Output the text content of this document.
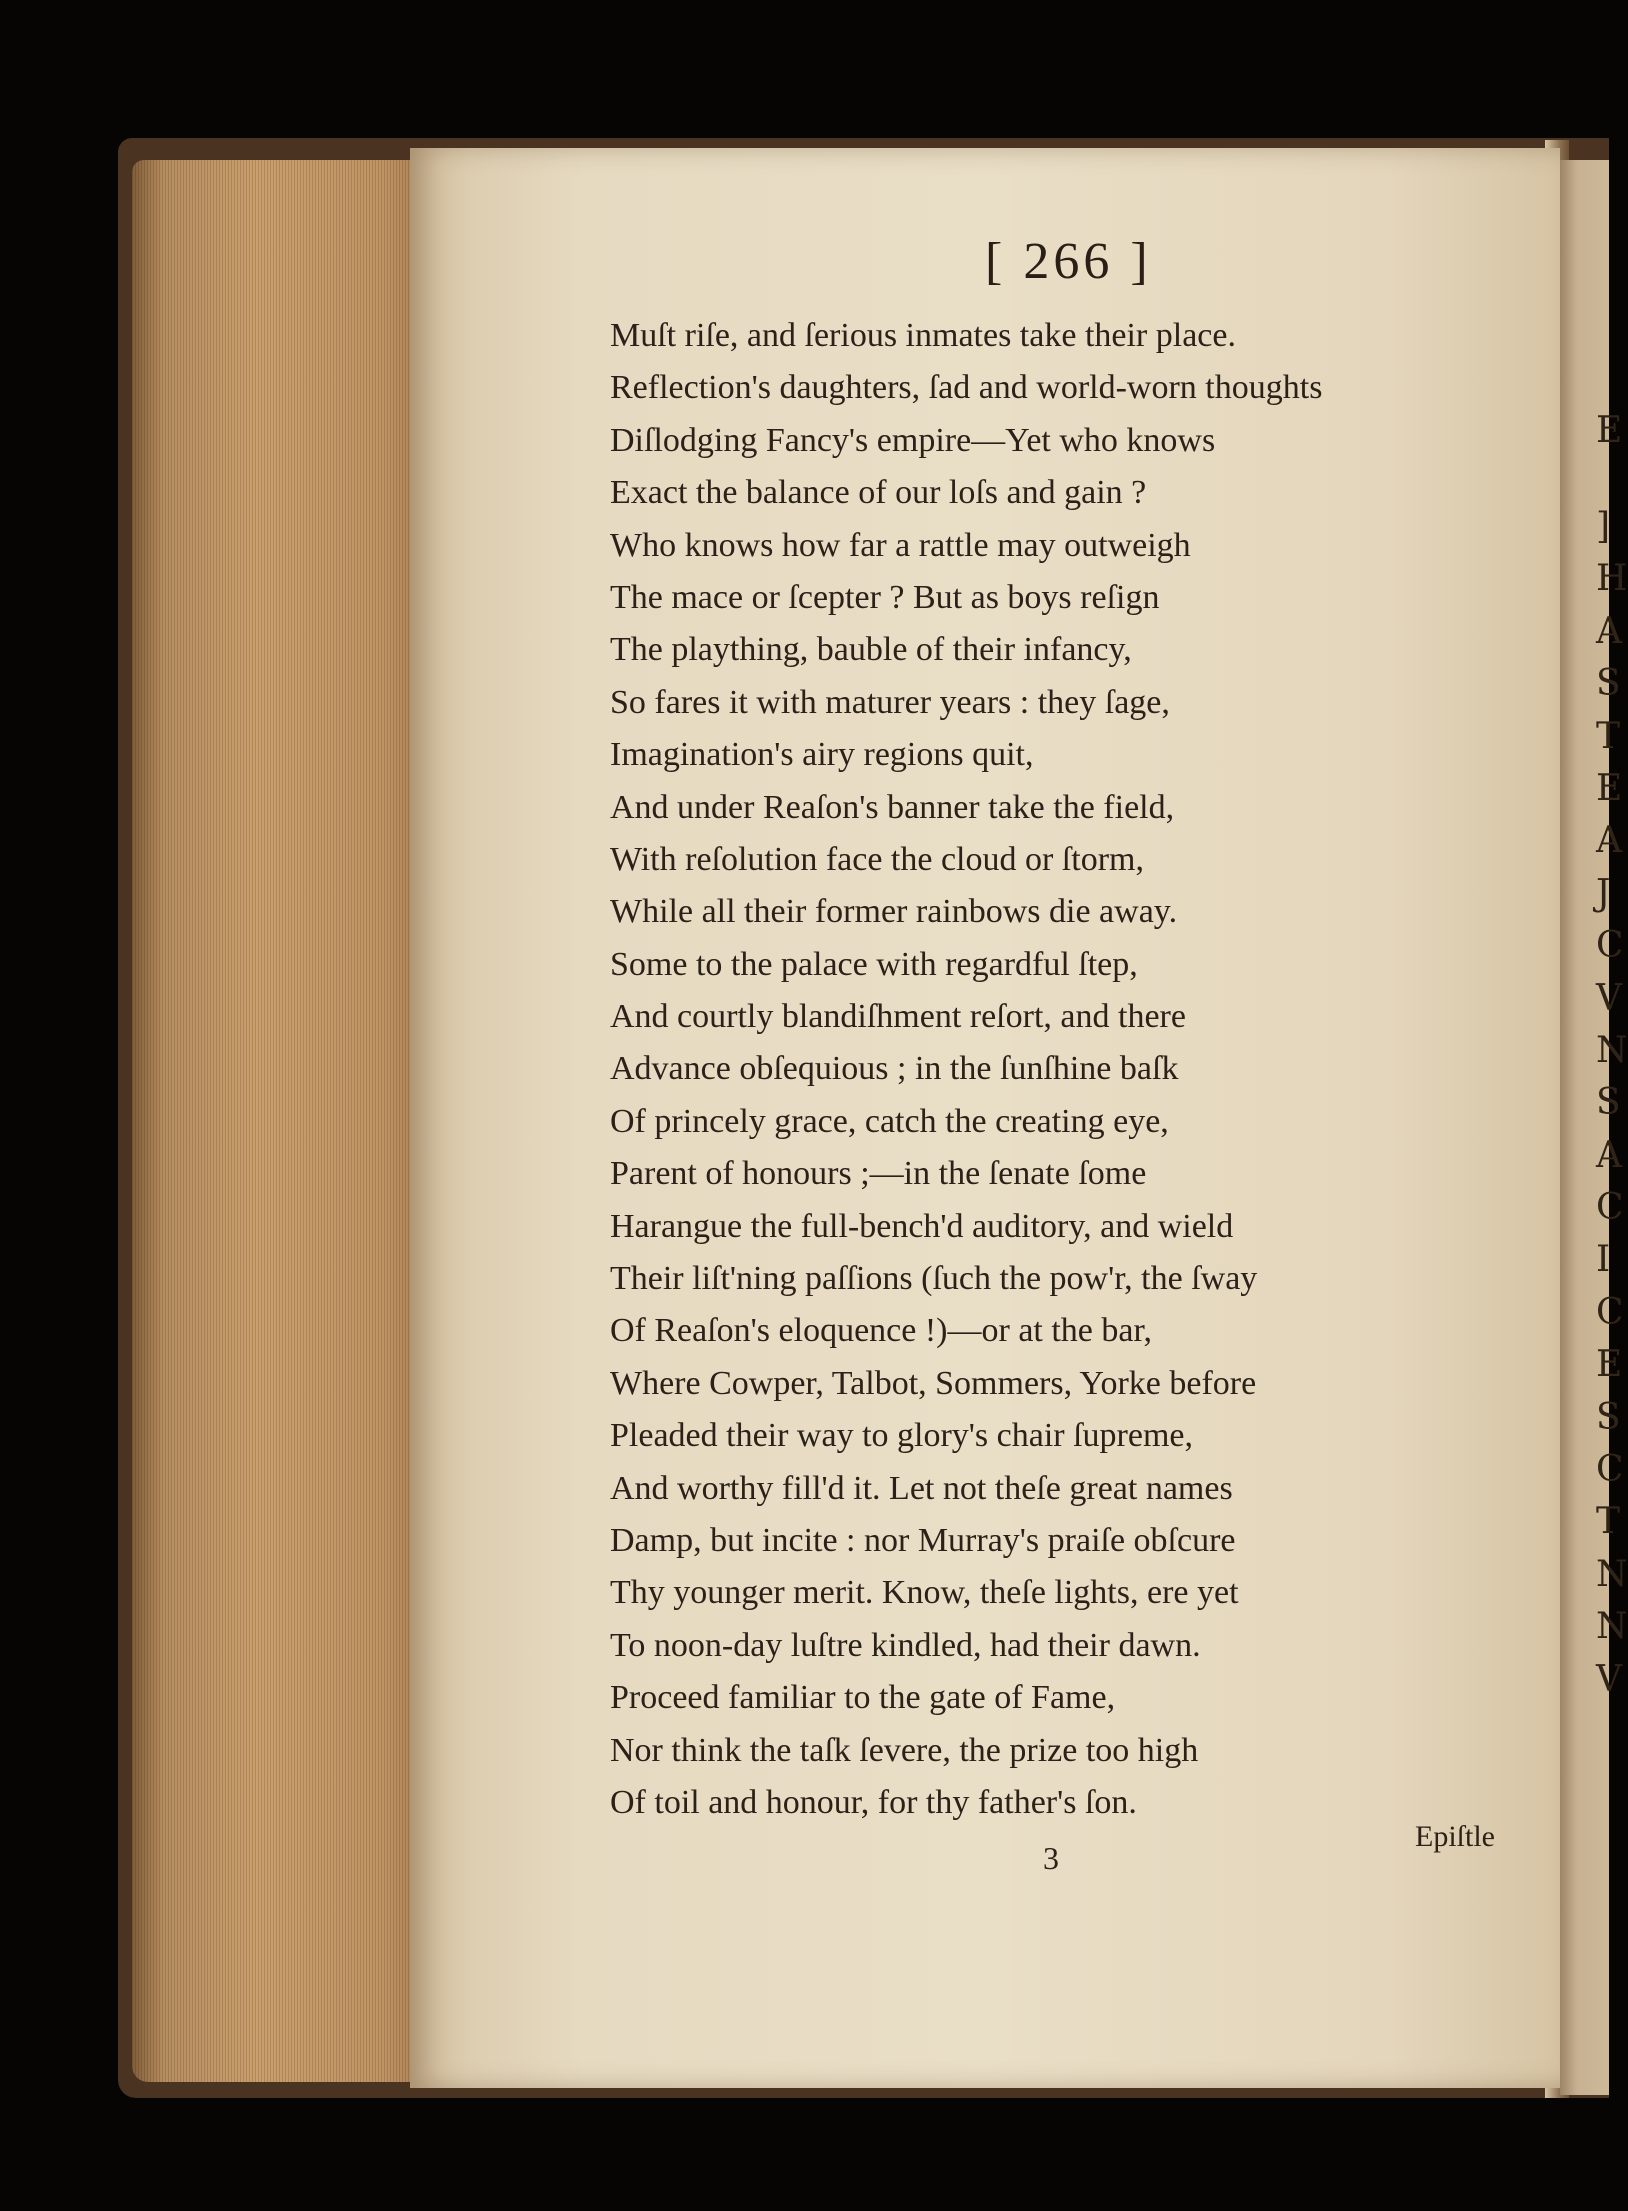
E
]
H
A
S
T
E
A
J
C
V
N
S
A
C
I
C
E
S
C
T
N
N
V
[ 266 ]
Muſt riſe, and ſerious inmates take their place.
Reflection's daughters, ſad and world-worn thoughts
Diſlodging Fancy's empire—Yet who knows
Exact the balance of our loſs and gain ?
Who knows how far a rattle may outweigh
The mace or ſcepter ? But as boys reſign
The plaything, bauble of their infancy,
So fares it with maturer years : they ſage,
Imagination's airy regions quit,
And under Reaſon's banner take the field,
With reſolution face the cloud or ſtorm,
While all their former rainbows die away.
Some to the palace with regardful ſtep,
And courtly blandiſhment reſort, and there
Advance obſequious ; in the ſunſhine baſk
Of princely grace, catch the creating eye,
Parent of honours ;—in the ſenate ſome
Harangue the full-bench'd auditory, and wield
Their liſt'ning paſſions (ſuch the pow'r, the ſway
Of Reaſon's eloquence !)—or at the bar,
Where Cowper, Talbot, Sommers, Yorke before
Pleaded their way to glory's chair ſupreme,
And worthy fill'd it. Let not theſe great names
Damp, but incite : nor Murray's praiſe obſcure
Thy younger merit. Know, theſe lights, ere yet
To noon-day luſtre kindled, had their dawn.
Proceed familiar to the gate of Fame,
Nor think the taſk ſevere, the prize too high
Of toil and honour, for thy father's ſon.
3
Epiſtle
